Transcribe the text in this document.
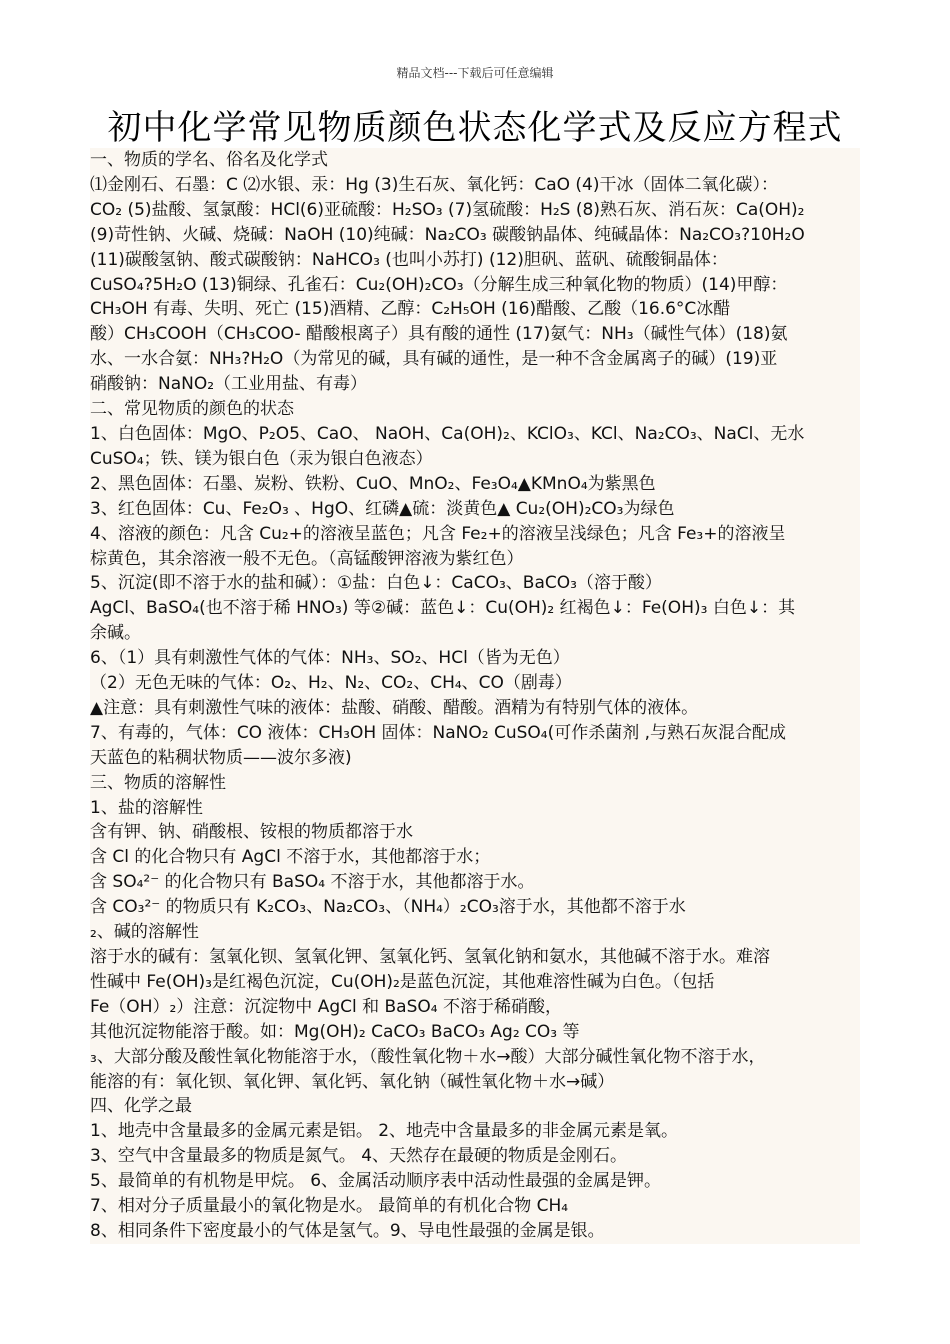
精品文档---下载后可任意编辑
初中化学常见物质颜色状态化学式及反应方程式
一、物质的学名、俗名及化学式
⑴金刚石、石墨：C ⑵水银、汞：Hg (3)生石灰、氧化钙：CaO (4)干冰（固体二氧化碳）：
CO₂ (5)盐酸、氢氯酸：HCl(6)亚硫酸：H₂SO₃ (7)氢硫酸：H₂S (8)熟石灰、消石灰：Ca(OH)₂
(9)苛性钠、火碱、烧碱：NaOH (10)纯碱：Na₂CO₃ 碳酸钠晶体、纯碱晶体：Na₂CO₃?10H₂O
(11)碳酸氢钠、酸式碳酸钠：NaHCO₃ (也叫小苏打) (12)胆矾、蓝矾、硫酸铜晶体：
CuSO₄?5H₂O (13)铜绿、孔雀石：Cu₂(OH)₂CO₃（分解生成三种氧化物的物质）(14)甲醇：
CH₃OH 有毒、失明、死亡 (15)酒精、乙醇：C₂H₅OH (16)醋酸、乙酸（16.6°C冰醋
酸）CH₃COOH（CH₃COO- 醋酸根离子）具有酸的通性 (17)氨气：NH₃（碱性气体）(18)氨
水、一水合氨：NH₃?H₂O（为常见的碱，具有碱的通性，是一种不含金属离子的碱）(19)亚
硝酸钠：NaNO₂（工业用盐、有毒）
二、常见物质的颜色的状态
1、白色固体：MgO、P₂O5、CaO、 NaOH、Ca(OH)₂、KClO₃、KCl、Na₂CO₃、NaCl、无水
CuSO₄；铁、镁为银白色（汞为银白色液态）
2、黑色固体：石墨、炭粉、铁粉、CuO、MnO₂、Fe₃O₄▲KMnO₄为紫黑色
3、红色固体：Cu、Fe₂O₃ 、HgO、红磷▲硫：淡黄色▲ Cu₂(OH)₂CO₃为绿色
4、溶液的颜色：凡含 Cu₂+的溶液呈蓝色；凡含 Fe₂+的溶液呈浅绿色；凡含 Fe₃+的溶液呈
棕黄色，其余溶液一般不无色。（高锰酸钾溶液为紫红色）
5、沉淀(即不溶于水的盐和碱）：①盐：白色↓：CaCO₃、BaCO₃（溶于酸）
AgCl、BaSO₄(也不溶于稀 HNO₃) 等②碱：蓝色↓：Cu(OH)₂ 红褐色↓：Fe(OH)₃ 白色↓：其
余碱。
6、（1）具有刺激性气体的气体：NH₃、SO₂、HCl（皆为无色）
（2）无色无味的气体：O₂、H₂、N₂、CO₂、CH₄、CO（剧毒）
▲注意：具有刺激性气味的液体：盐酸、硝酸、醋酸。酒精为有特别气体的液体。
7、有毒的，气体：CO 液体：CH₃OH 固体：NaNO₂ CuSO₄(可作杀菌剂 ,与熟石灰混合配成
天蓝色的粘稠状物质——波尔多液)
三、物质的溶解性
1、盐的溶解性
含有钾、钠、硝酸根、铵根的物质都溶于水
含 Cl 的化合物只有 AgCl 不溶于水，其他都溶于水；
含 SO₄²⁻ 的化合物只有 BaSO₄ 不溶于水，其他都溶于水。
含 CO₃²⁻ 的物质只有 K₂CO₃、Na₂CO₃、（NH₄）₂CO₃溶于水，其他都不溶于水
₂、碱的溶解性
溶于水的碱有：氢氧化钡、氢氧化钾、氢氧化钙、氢氧化钠和氨水，其他碱不溶于水。难溶
性碱中 Fe(OH)₃是红褐色沉淀，Cu(OH)₂是蓝色沉淀，其他难溶性碱为白色。（包括
Fe（OH）₂）注意：沉淀物中 AgCl 和 BaSO₄ 不溶于稀硝酸，
其他沉淀物能溶于酸。如：Mg(OH)₂ CaCO₃ BaCO₃ Ag₂ CO₃ 等
₃、大部分酸及酸性氧化物能溶于水，（酸性氧化物＋水→酸）大部分碱性氧化物不溶于水，
能溶的有：氧化钡、氧化钾、氧化钙、氧化钠（碱性氧化物＋水→碱）
四、化学之最
1、地壳中含量最多的金属元素是铝。 2、地壳中含量最多的非金属元素是氧。
3、空气中含量最多的物质是氮气。 4、天然存在最硬的物质是金刚石。
5、最简单的有机物是甲烷。 6、金属活动顺序表中活动性最强的金属是钾。
7、相对分子质量最小的氧化物是水。 最简单的有机化合物 CH₄
8、相同条件下密度最小的气体是氢气。9、导电性最强的金属是银。
